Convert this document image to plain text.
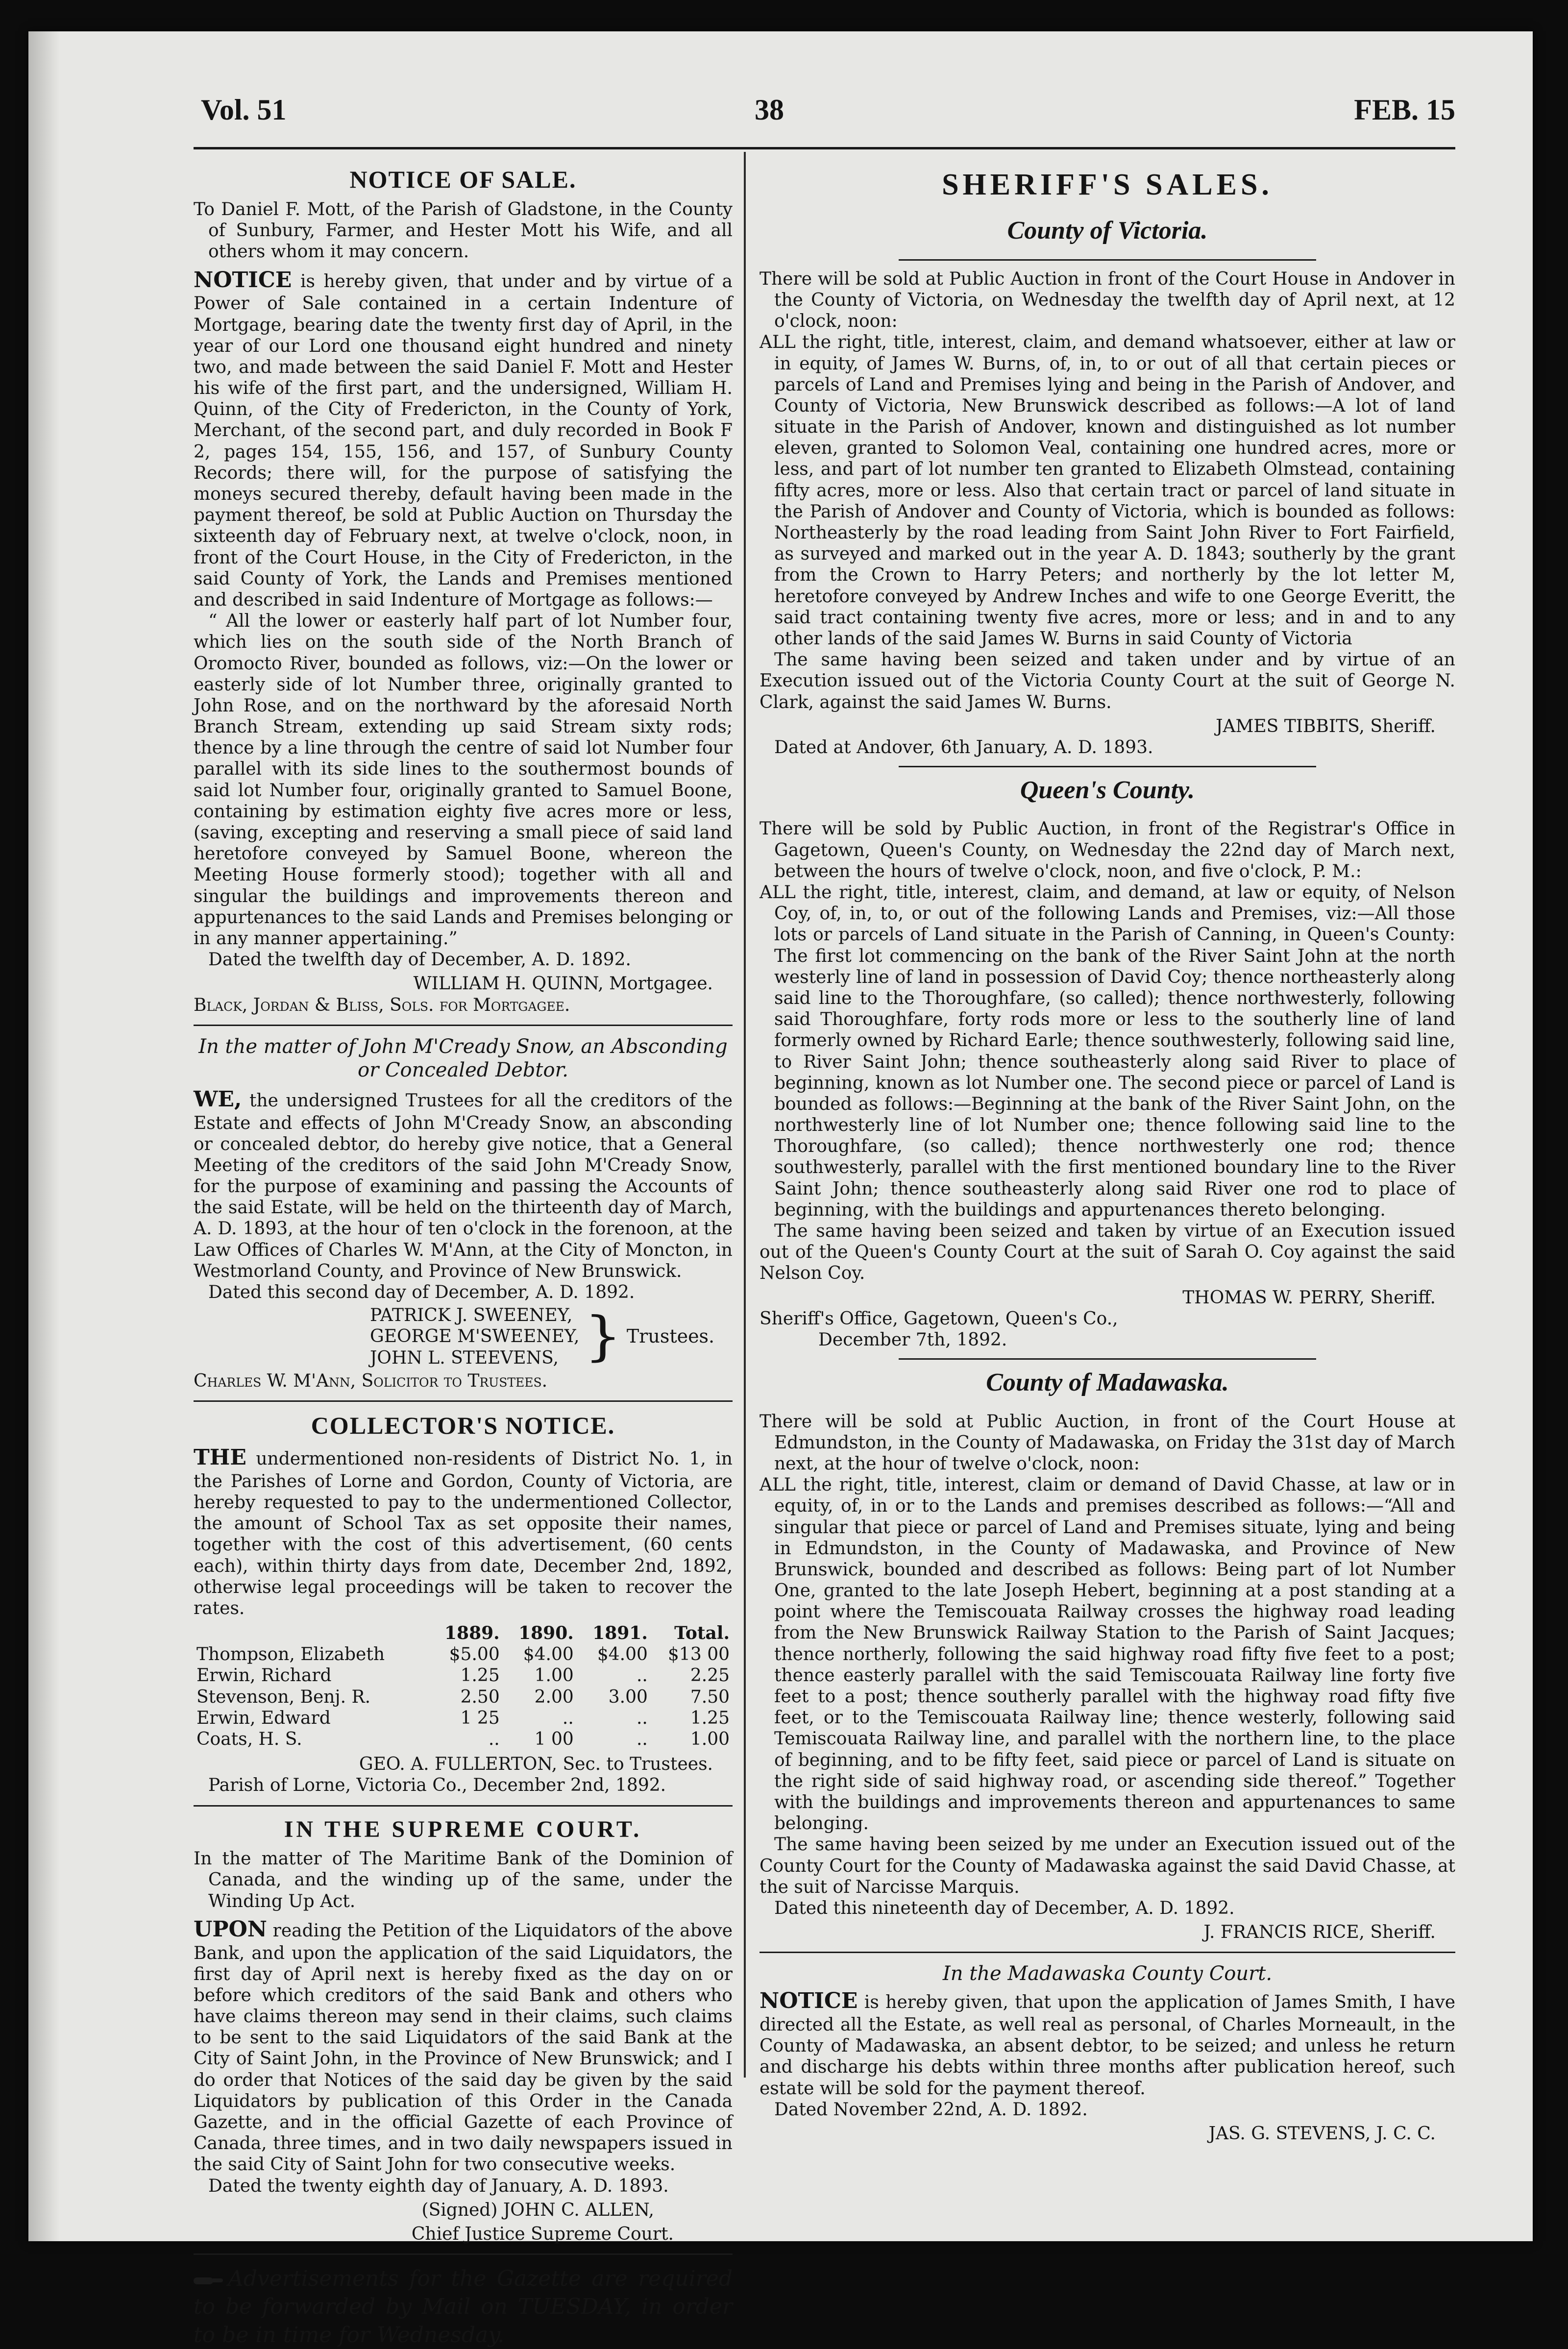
Vol. 51	38	FEB. 15
NOTICE OF SALE.

To Daniel F. Mott, of the Parish of Gladstone, in the County of Sunbury, Farmer, and Hester Mott his Wife, and all others whom it may concern.

NOTICE is hereby given, that under and by virtue of a Power of Sale contained in a certain Indenture of Mortgage, bearing date the twenty first day of April, in the year of our Lord one thousand eight hundred and ninety two, and made between the said Daniel F. Mott and Hester his wife of the first part, and the undersigned, William H. Quinn, of the City of Fredericton, in the County of York, Merchant, of the second part, and duly recorded in Book F 2, pages 154, 155, 156, and 157, of Sunbury County Records; there will, for the purpose of satisfying the moneys secured thereby, default having been made in the payment thereof, be sold at Public Auction on Thursday the sixteenth day of February next, at twelve o'clock, noon, in front of the Court House, in the City of Fredericton, in the said County of York, the Lands and Premises mentioned and described in said Indenture of Mortgage as follows:—

“ All the lower or easterly half part of lot Number four, which lies on the south side of the North Branch of Oromocto River, bounded as follows, viz:—On the lower or easterly side of lot Number three, originally granted to John Rose, and on the northward by the aforesaid North Branch Stream, extending up said Stream sixty rods; thence by a line through the centre of said lot Number four parallel with its side lines to the southermost bounds of said lot Number four, originally granted to Samuel Boone, containing by estimation eighty five acres more or less, (saving, excepting and reserving a small piece of said land heretofore conveyed by Samuel Boone, whereon the Meeting House formerly stood); together with all and singular the buildings and improvements thereon and appurtenances to the said Lands and Premises belonging or in any manner appertaining.”

Dated the twelfth day of December, A. D. 1892.

WILLIAM H. QUINN, Mortgagee.

Black, Jordan & Bliss, Sols. for Mortgagee.

In the matter of John M'Cready Snow, an Absconding or Concealed Debtor.

WE, the undersigned Trustees for all the creditors of the Estate and effects of John M'Cready Snow, an absconding or concealed debtor, do hereby give notice, that a General Meeting of the creditors of the said John M'Cready Snow, for the purpose of examining and passing the Accounts of the said Estate, will be held on the thirteenth day of March, A. D. 1893, at the hour of ten o'clock in the forenoon, at the Law Offices of Charles W. M'Ann, at the City of Moncton, in Westmorland County, and Province of New Brunswick.

Dated this second day of December, A. D. 1892.

PATRICK J. SWEENEY,
GEORGE M'SWEENEY,
JOHN L. STEEVENS, } Trustees.

Charles W. M'Ann, Solicitor to Trustees.

COLLECTOR'S NOTICE.

THE undermentioned non-residents of District No. 1, in the Parishes of Lorne and Gordon, County of Victoria, are hereby requested to pay to the undermentioned Collector, the amount of School Tax as set opposite their names, together with the cost of this advertisement, (60 cents each), within thirty days from date, December 2nd, 1892, otherwise legal proceedings will be taken to recover the rates.

	1889.	1890.	1891.	Total.
Thompson, Elizabeth	$5.00	$4.00	$4.00	$13 00
Erwin, Richard	1.25	1.00	..	2.25
Stevenson, Benj. R.	2.50	2.00	3.00	7.50
Erwin, Edward	1 25	..	..	1.25
Coats, H. S.	..	1 00	..	1.00

GEO. A. FULLERTON, Sec. to Trustees.

Parish of Lorne, Victoria Co., December 2nd, 1892.

IN THE SUPREME COURT.

In the matter of The Maritime Bank of the Dominion of Canada, and the winding up of the same, under the Winding Up Act.

UPON reading the Petition of the Liquidators of the above Bank, and upon the application of the said Liquidators, the first day of April next is hereby fixed as the day on or before which creditors of the said Bank and others who have claims thereon may send in their claims, such claims to be sent to the said Liquidators of the said Bank at the City of Saint John, in the Province of New Brunswick; and I do order that Notices of the said day be given by the said Liquidators by publication of this Order in the Canada Gazette, and in the official Gazette of each Province of Canada, three times, and in two daily newspapers issued in the said City of Saint John for two consecutive weeks.

Dated the twenty eighth day of January, A. D. 1893.

(Signed) JOHN C. ALLEN,

Chief Justice Supreme Court.

Advertisements for the Gazette are required to be forwarded by Mail on TUESDAY, in order to be in time for Wednesday.

SHERIFF'S SALES.
County of Victoria.

There will be sold at Public Auction in front of the Court House in Andover in the County of Victoria, on Wednesday the twelfth day of April next, at 12 o'clock, noon:

ALL the right, title, interest, claim, and demand whatsoever, either at law or in equity, of James W. Burns, of, in, to or out of all that certain pieces or parcels of Land and Premises lying and being in the Parish of Andover, and County of Victoria, New Brunswick described as follows:—A lot of land situate in the Parish of Andover, known and distinguished as lot number eleven, granted to Solomon Veal, containing one hundred acres, more or less, and part of lot number ten granted to Elizabeth Olmstead, containing fifty acres, more or less. Also that certain tract or parcel of land situate in the Parish of Andover and County of Victoria, which is bounded as follows: Northeasterly by the road leading from Saint John River to Fort Fairfield, as surveyed and marked out in the year A. D. 1843; southerly by the grant from the Crown to Harry Peters; and northerly by the lot letter M, heretofore conveyed by Andrew Inches and wife to one George Everitt, the said tract containing twenty five acres, more or less; and in and to any other lands of the said James W. Burns in said County of Victoria

The same having been seized and taken under and by virtue of an Execution issued out of the Victoria County Court at the suit of George N. Clark, against the said James W. Burns.

JAMES TIBBITS, Sheriff.

Dated at Andover, 6th January, A. D. 1893.

Queen's County.

There will be sold by Public Auction, in front of the Registrar's Office in Gagetown, Queen's County, on Wednesday the 22nd day of March next, between the hours of twelve o'clock, noon, and five o'clock, P. M.:

ALL the right, title, interest, claim, and demand, at law or equity, of Nelson Coy, of, in, to, or out of the following Lands and Premises, viz:—All those lots or parcels of Land situate in the Parish of Canning, in Queen's County: The first lot commencing on the bank of the River Saint John at the north westerly line of land in possession of David Coy; thence northeasterly along said line to the Thoroughfare, (so called); thence northwesterly, following said Thoroughfare, forty rods more or less to the southerly line of land formerly owned by Richard Earle; thence southwesterly, following said line, to River Saint John; thence southeasterly along said River to place of beginning, known as lot Number one. The second piece or parcel of Land is bounded as follows:—Beginning at the bank of the River Saint John, on the northwesterly line of lot Number one; thence following said line to the Thoroughfare, (so called); thence northwesterly one rod; thence southwesterly, parallel with the first mentioned boundary line to the River Saint John; thence southeasterly along said River one rod to place of beginning, with the buildings and appurtenances thereto belonging.

The same having been seized and taken by virtue of an Execution issued out of the Queen's County Court at the suit of Sarah O. Coy against the said Nelson Coy.

THOMAS W. PERRY, Sheriff.

Sheriff's Office, Gagetown, Queen's Co.,

December 7th, 1892.

County of Madawaska.

There will be sold at Public Auction, in front of the Court House at Edmundston, in the County of Madawaska, on Friday the 31st day of March next, at the hour of twelve o'clock, noon:

ALL the right, title, interest, claim or demand of David Chasse, at law or in equity, of, in or to the Lands and premises described as follows:—“All and singular that piece or parcel of Land and Premises situate, lying and being in Edmundston, in the County of Madawaska, and Province of New Brunswick, bounded and described as follows: Being part of lot Number One, granted to the late Joseph Hebert, beginning at a post standing at a point where the Temiscouata Railway crosses the highway road leading from the New Brunswick Railway Station to the Parish of Saint Jacques; thence northerly, following the said highway road fifty five feet to a post; thence easterly parallel with the said Temiscouata Railway line forty five feet to a post; thence southerly parallel with the highway road fifty five feet, or to the Temiscouata Railway line; thence westerly, following said Temiscouata Railway line, and parallel with the northern line, to the place of beginning, and to be fifty feet, said piece or parcel of Land is situate on the right side of said highway road, or ascending side thereof.” Together with the buildings and improvements thereon and appurtenances to same belonging.

The same having been seized by me under an Execution issued out of the County Court for the County of Madawaska against the said David Chasse, at the suit of Narcisse Marquis.

Dated this nineteenth day of December, A. D. 1892.

J. FRANCIS RICE, Sheriff.

In the Madawaska County Court.

NOTICE is hereby given, that upon the application of James Smith, I have directed all the Estate, as well real as personal, of Charles Morneault, in the County of Madawaska, an absent debtor, to be seized; and unless he return and discharge his debts within three months after publication hereof, such estate will be sold for the payment thereof.

Dated November 22nd, A. D. 1892.

JAS. G. STEVENS, J. C. C.
